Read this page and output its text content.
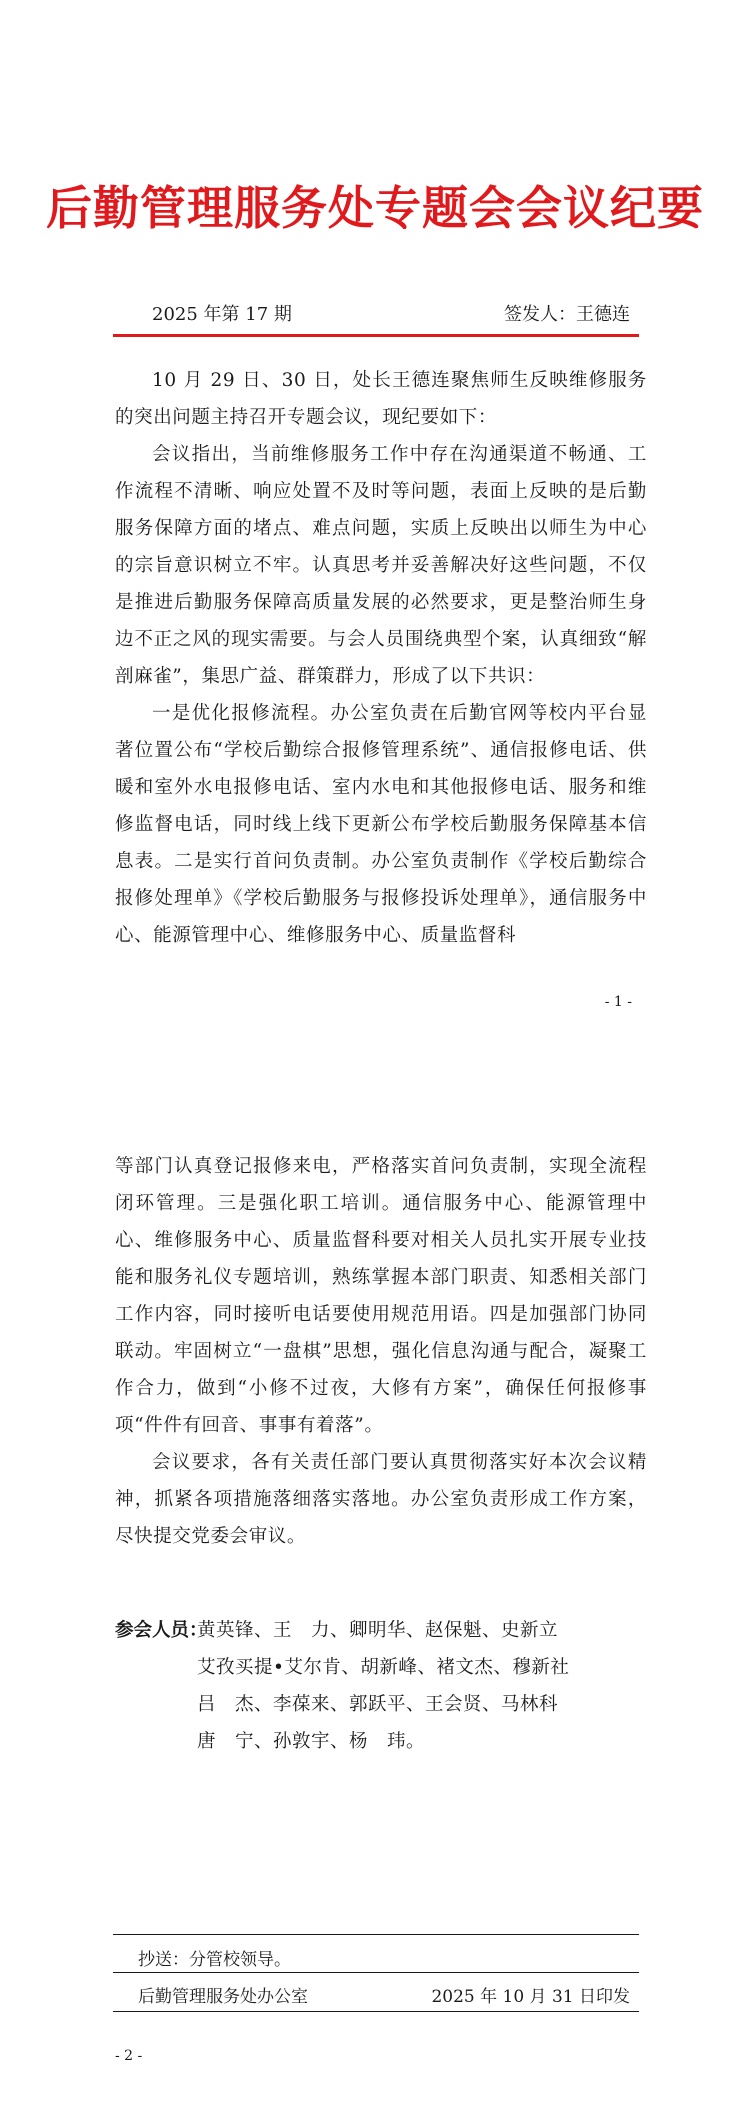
后勤管理服务处专题会会议纪要
2025 年第 17 期	签发人：王德连

10 月 29 日、30 日，处长王德连聚焦师生反映维修服务的突出问题主持召开专题会议，现纪要如下：

会议指出，当前维修服务工作中存在沟通渠道不畅通、工作流程不清晰、响应处置不及时等问题，表面上反映的是后勤服务保障方面的堵点、难点问题，实质上反映出以师生为中心的宗旨意识树立不牢。认真思考并妥善解决好这些问题，不仅是推进后勤服务保障高质量发展的必然要求，更是整治师生身边不正之风的现实需要。与会人员围绕典型个案，认真细致“解剖麻雀”，集思广益、群策群力，形成了以下共识：

一是优化报修流程。办公室负责在后勤官网等校内平台显著位置公布“学校后勤综合报修管理系统”、通信报修电话、供暖和室外水电报修电话、室内水电和其他报修电话、服务和维修监督电话，同时线上线下更新公布学校后勤服务保障基本信息表。二是实行首问负责制。办公室负责制作《学校后勤综合报修处理单》《学校后勤服务与报修投诉处理单》，通信服务中心、能源管理中心、维修服务中心、质量监督科

- 1 -

等部门认真登记报修来电，严格落实首问负责制，实现全流程闭环管理。三是强化职工培训。通信服务中心、能源管理中心、维修服务中心、质量监督科要对相关人员扎实开展专业技能和服务礼仪专题培训，熟练掌握本部门职责、知悉相关部门工作内容，同时接听电话要使用规范用语。四是加强部门协同联动。牢固树立“一盘棋”思想，强化信息沟通与配合，凝聚工作合力，做到“小修不过夜，大修有方案”，确保任何报修事项“件件有回音、事事有着落”。

会议要求，各有关责任部门要认真贯彻落实好本次会议精神，抓紧各项措施落细落实落地。办公室负责形成工作方案，尽快提交党委会审议。

参会人员：
黄英锋、王　力、卿明华、赵保魁、史新立
艾孜买提•艾尔肯、胡新峰、褚文杰、穆新社
吕　杰、李葆来、郭跃平、王会贤、马林科
唐　宁、孙敦宇、杨　玮。
抄送：分管校领导。
后勤管理服务处办公室	2025 年 10 月 31 日印发
- 2 -
